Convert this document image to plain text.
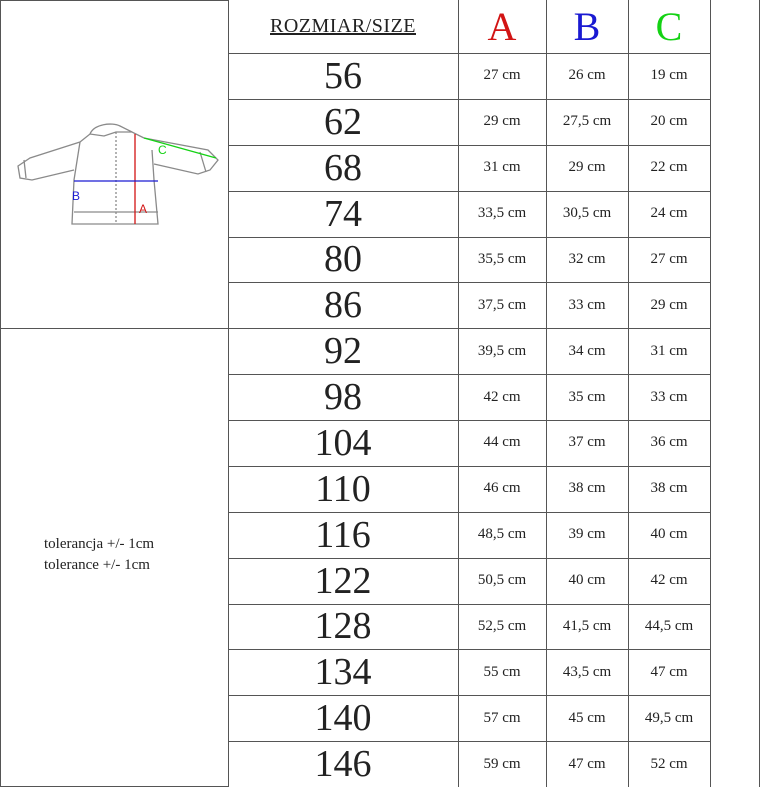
ROZMIAR/SIZE	A	B	C
56	27 cm	26 cm	19 cm
62	29 cm	27,5 cm	20 cm
68	31 cm	29 cm	22 cm
74	33,5 cm	30,5 cm	24 cm
80	35,5 cm	32 cm	27 cm
86	37,5 cm	33 cm	29 cm
92	39,5 cm	34 cm	31 cm
98	42 cm	35 cm	33 cm
104	44 cm	37 cm	36 cm
110	46 cm	38 cm	38 cm
116	48,5 cm	39 cm	40 cm
122	50,5 cm	40 cm	42 cm
128	52,5 cm	41,5 cm	44,5 cm
134	55 cm	43,5 cm	47 cm
140	57 cm	45 cm	49,5 cm
146	59 cm	47 cm	52 cm
A
B
C
tolerancja +/- 1cm
tolerance +/- 1cm
